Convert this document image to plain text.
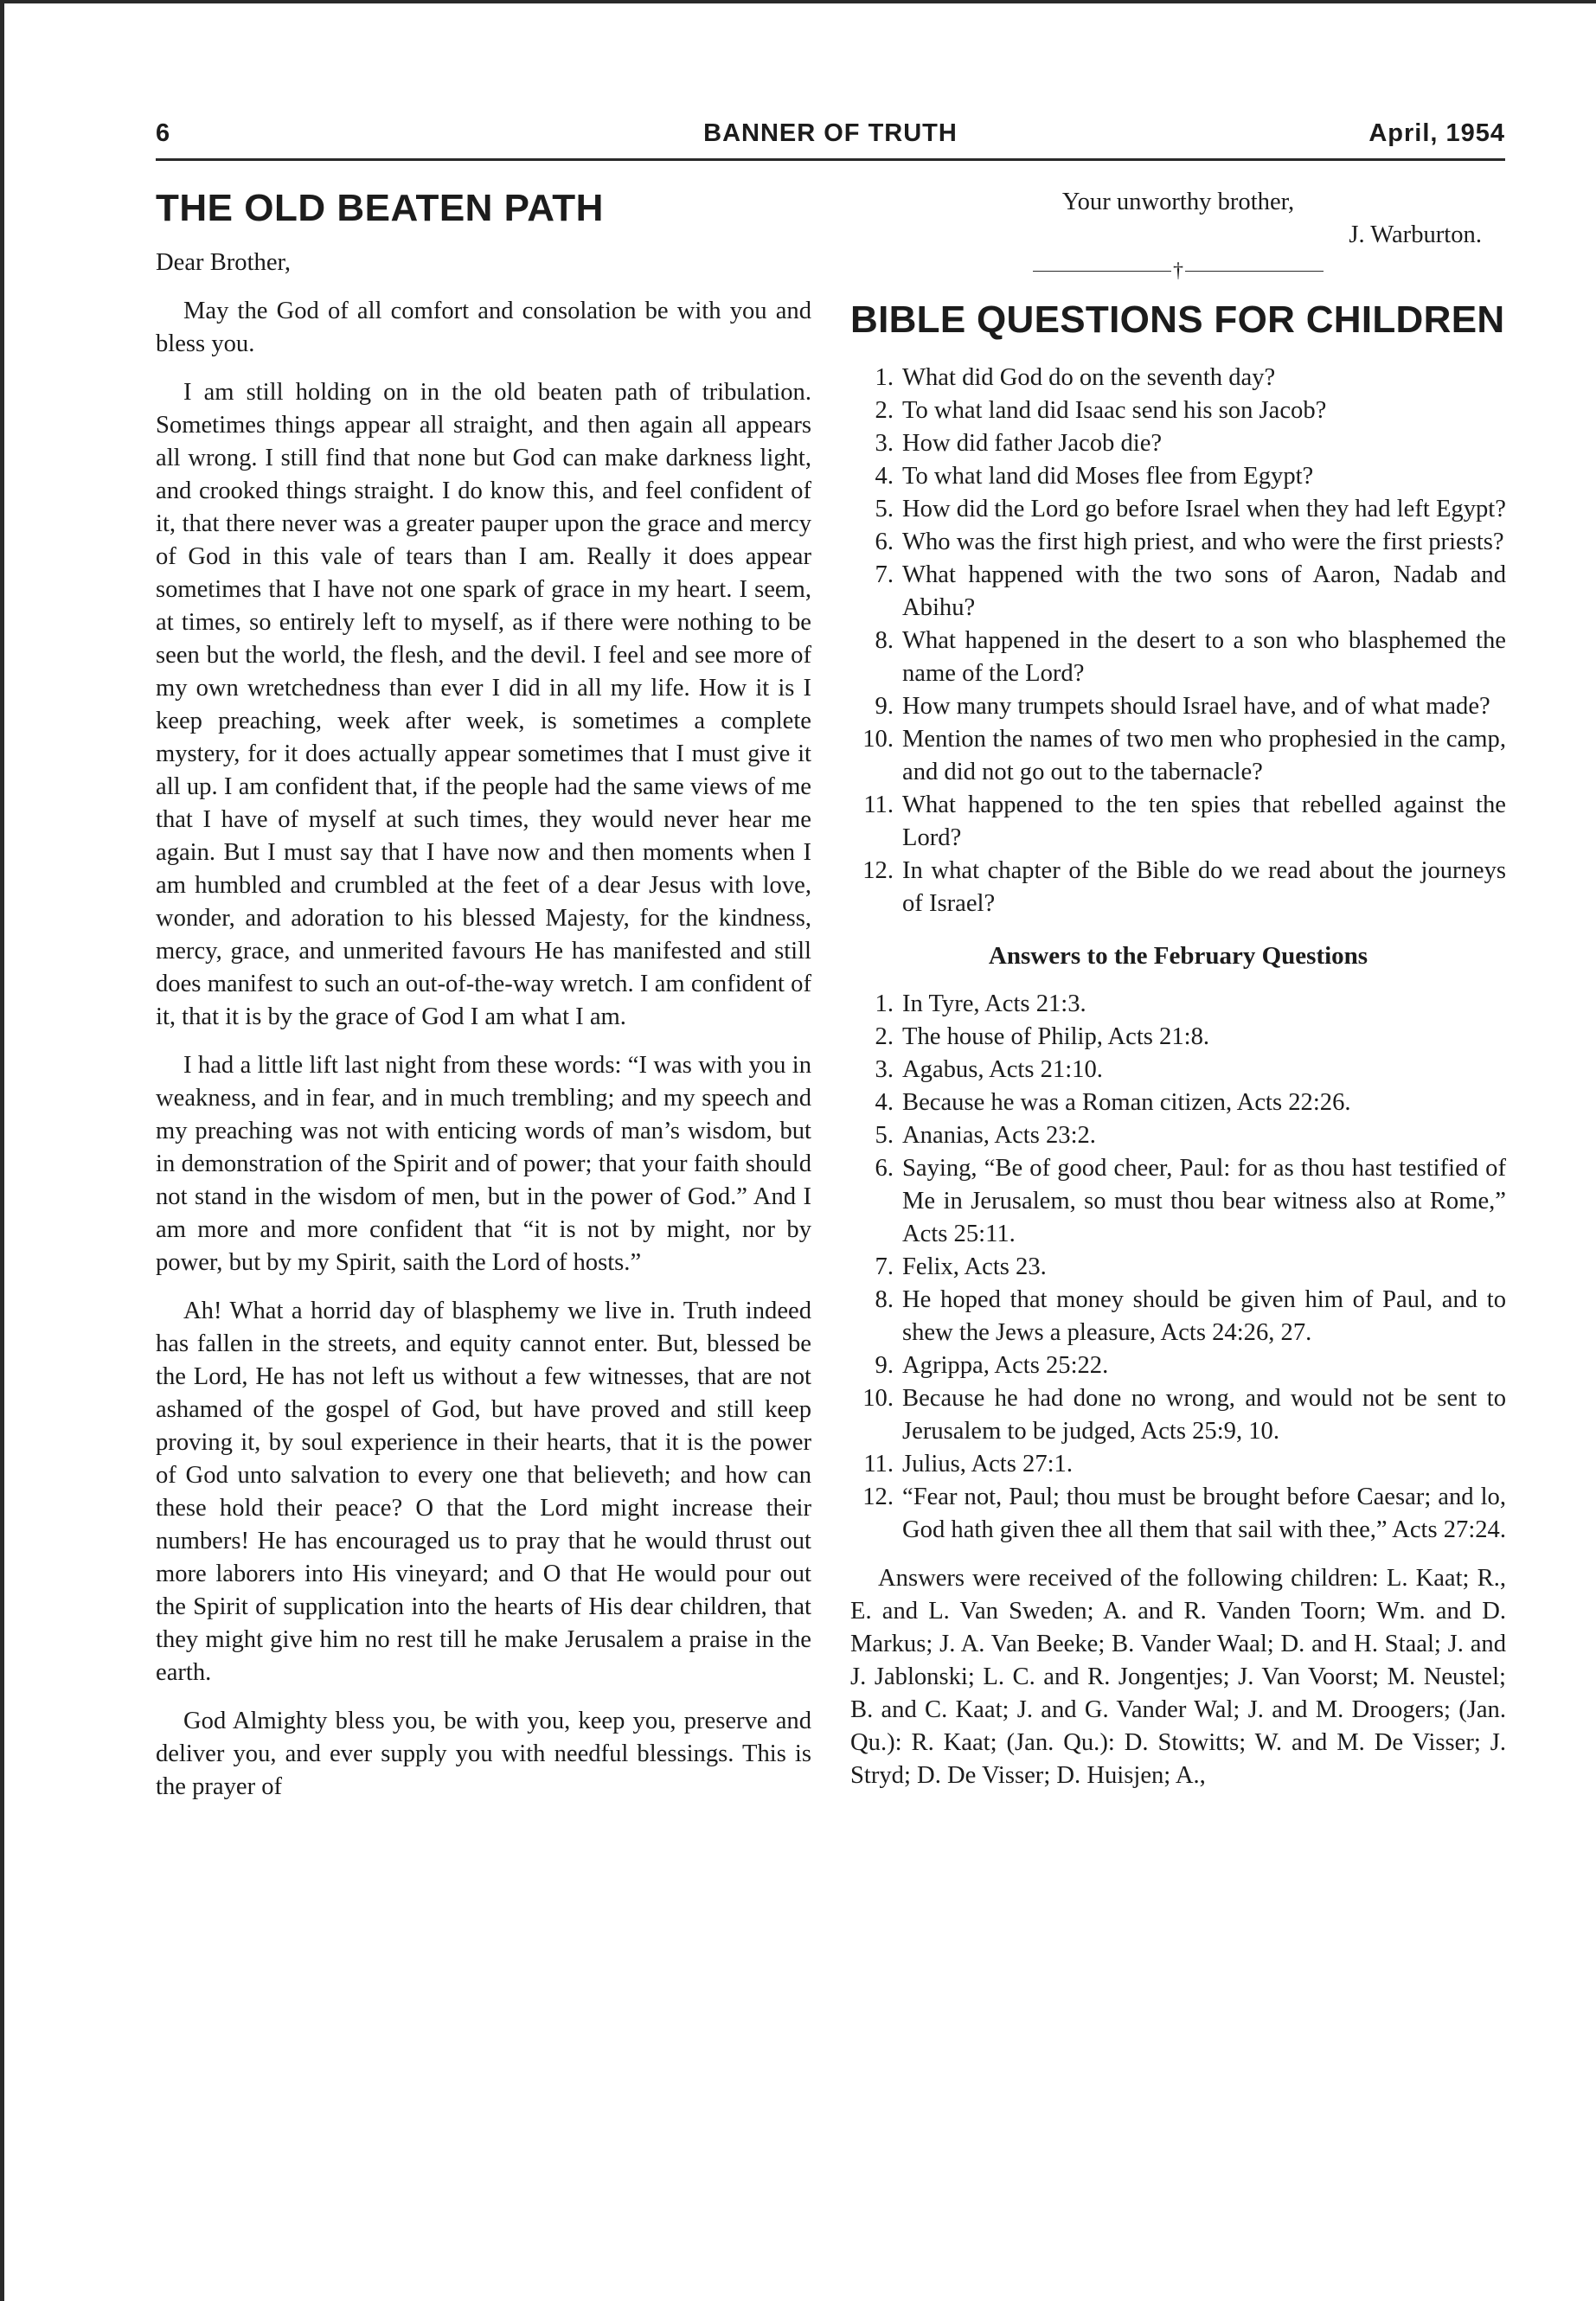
BANNER OF TRUTH
6	April, 1954
THE OLD BEATEN PATH

Dear Brother,

May the God of all comfort and consolation be with you and bless you.

I am still holding on in the old beaten path of tribulation. Sometimes things appear all straight, and then again all appears all wrong. I still find that none but God can make darkness light, and crooked things straight. I do know this, and feel confident of it, that there never was a greater pauper upon the grace and mercy of God in this vale of tears than I am. Really it does appear sometimes that I have not one spark of grace in my heart. I seem, at times, so entirely left to myself, as if there were nothing to be seen but the world, the flesh, and the devil. I feel and see more of my own wretchedness than ever I did in all my life. How it is I keep preaching, week after week, is sometimes a complete mystery, for it does actually appear sometimes that I must give it all up. I am confident that, if the people had the same views of me that I have of myself at such times, they would never hear me again. But I must say that I have now and then moments when I am humbled and crumbled at the feet of a dear Jesus with love, wonder, and adoration to his blessed Majesty, for the kindness, mercy, grace, and unmerited favours He has manifested and still does manifest to such an out-of-the-way wretch. I am confident of it, that it is by the grace of God I am what I am.

I had a little lift last night from these words: “I was with you in weakness, and in fear, and in much trembling; and my speech and my preaching was not with enticing words of man’s wisdom, but in demonstration of the Spirit and of power; that your faith should not stand in the wisdom of men, but in the power of God.” And I am more and more confident that “it is not by might, nor by power, but by my Spirit, saith the Lord of hosts.”

Ah! What a horrid day of blasphemy we live in. Truth indeed has fallen in the streets, and equity cannot enter. But, blessed be the Lord, He has not left us without a few witnesses, that are not ashamed of the gospel of God, but have proved and still keep proving it, by soul experience in their hearts, that it is the power of God unto salvation to every one that believeth; and how can these hold their peace? O that the Lord might increase their numbers! He has encouraged us to pray that he would thrust out more laborers into His vineyard; and O that He would pour out the Spirit of supplication into the hearts of His dear children, that they might give him no rest till he make Jerusalem a praise in the earth.

God Almighty bless you, be with you, keep you, preserve and deliver you, and ever supply you with needful blessings. This is the prayer of

Your unworthy brother,

J. Warburton.

†
BIBLE QUESTIONS FOR CHILDREN
1. What did God do on the seventh day?
2. To what land did Isaac send his son Jacob?
3. How did father Jacob die?
4. To what land did Moses flee from Egypt?
5. How did the Lord go before Israel when they had left Egypt?
6. Who was the first high priest, and who were the first priests?
7. What happened with the two sons of Aaron, Nadab and Abihu?
8. What happened in the desert to a son who blasphemed the name of the Lord?
9. How many trumpets should Israel have, and of what made?
10. Mention the names of two men who prophesied in the camp, and did not go out to the tabernacle?
11. What happened to the ten spies that rebelled against the Lord?
12. In what chapter of the Bible do we read about the journeys of Israel?
Answers to the February Questions
1. In Tyre, Acts 21:3.
2. The house of Philip, Acts 21:8.
3. Agabus, Acts 21:10.
4. Because he was a Roman citizen, Acts 22:26.
5. Ananias, Acts 23:2.
6. Saying, “Be of good cheer, Paul: for as thou hast testified of Me in Jerusalem, so must thou bear witness also at Rome,” Acts 25:11.
7. Felix, Acts 23.
8. He hoped that money should be given him of Paul, and to shew the Jews a pleasure, Acts 24:26, 27.
9. Agrippa, Acts 25:22.
10. Because he had done no wrong, and would not be sent to Jerusalem to be judged, Acts 25:9, 10.
11. Julius, Acts 27:1.
12. “Fear not, Paul; thou must be brought before Caesar; and lo, God hath given thee all them that sail with thee,” Acts 27:24.

Answers were received of the following children: L. Kaat; R., E. and L. Van Sweden; A. and R. Vanden Toorn; Wm. and D. Markus; J. A. Van Beeke; B. Vander Waal; D. and H. Staal; J. and J. Jablonski; L. C. and R. Jongentjes; J. Van Voorst; M. Neustel; B. and C. Kaat; J. and G. Vander Wal; J. and M. Droogers; (Jan. Qu.): R. Kaat; (Jan. Qu.): D. Stowitts; W. and M. De Visser; J. Stryd; D. De Visser; D. Huisjen; A.,
